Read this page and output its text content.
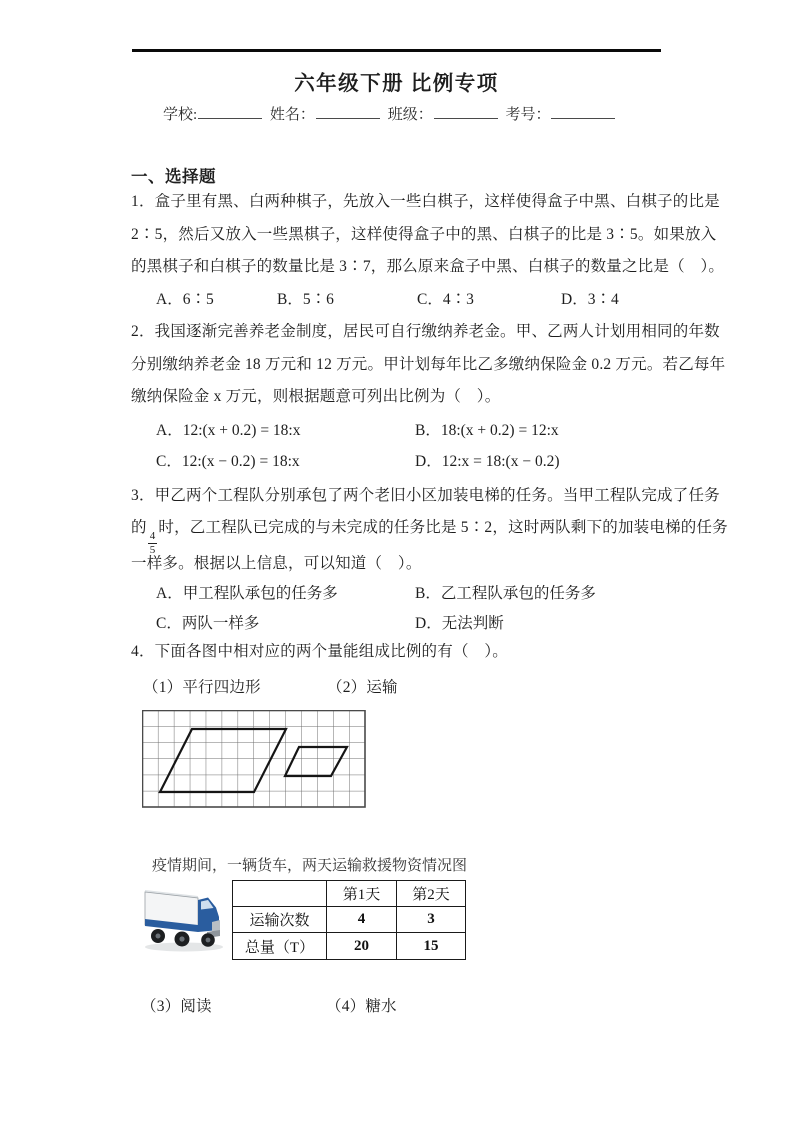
六年级下册 比例专项
学校:	姓名：	班级：	考号：
一、选择题
1．盒子里有黑、白两种棋子，先放入一些白棋子，这样使得盒子中黑、白棋子的比是
2∶5，然后又放入一些黑棋子，这样使得盒子中的黑、白棋子的比是 3∶5。如果放入
的黑棋子和白棋子的数量比是 3∶7，那么原来盒子中黑、白棋子的数量之比是（　）。
A．6∶5	B．5∶6	C．4∶3	D．3∶4
2．我国逐渐完善养老金制度，居民可自行缴纳养老金。甲、乙两人计划用相同的年数
分别缴纳养老金 18 万元和 12 万元。甲计划每年比乙多缴纳保险金 0.2 万元。若乙每年
缴纳保险金 x 万元，则根据题意可列出比例为（　）。
A．12:(x + 0.2) = 18:x	B．18:(x + 0.2) = 12:x
C．12:(x − 0.2) = 18:x	D．12:x = 18:(x − 0.2)
3．甲乙两个工程队分别承包了两个老旧小区加装电梯的任务。当甲工程队完成了任务
的
$\frac{4}{5}$
时，乙工程队已完成的与未完成的任务比是 5∶2，这时两队剩下的加装电梯的任务
一样多。根据以上信息，可以知道（　）。
A．甲工程队承包的任务多	B．乙工程队承包的任务多
C．两队一样多	D．无法判断
4．下面各图中相对应的两个量能组成比例的有（　）。
（1）平行四边形	（2）运输
疫情期间，一辆货车，两天运输救援物资情况图
	第1天	第2天
运输次数	4	3
总量（T）	20	15
（3）阅读	（4）糖水
